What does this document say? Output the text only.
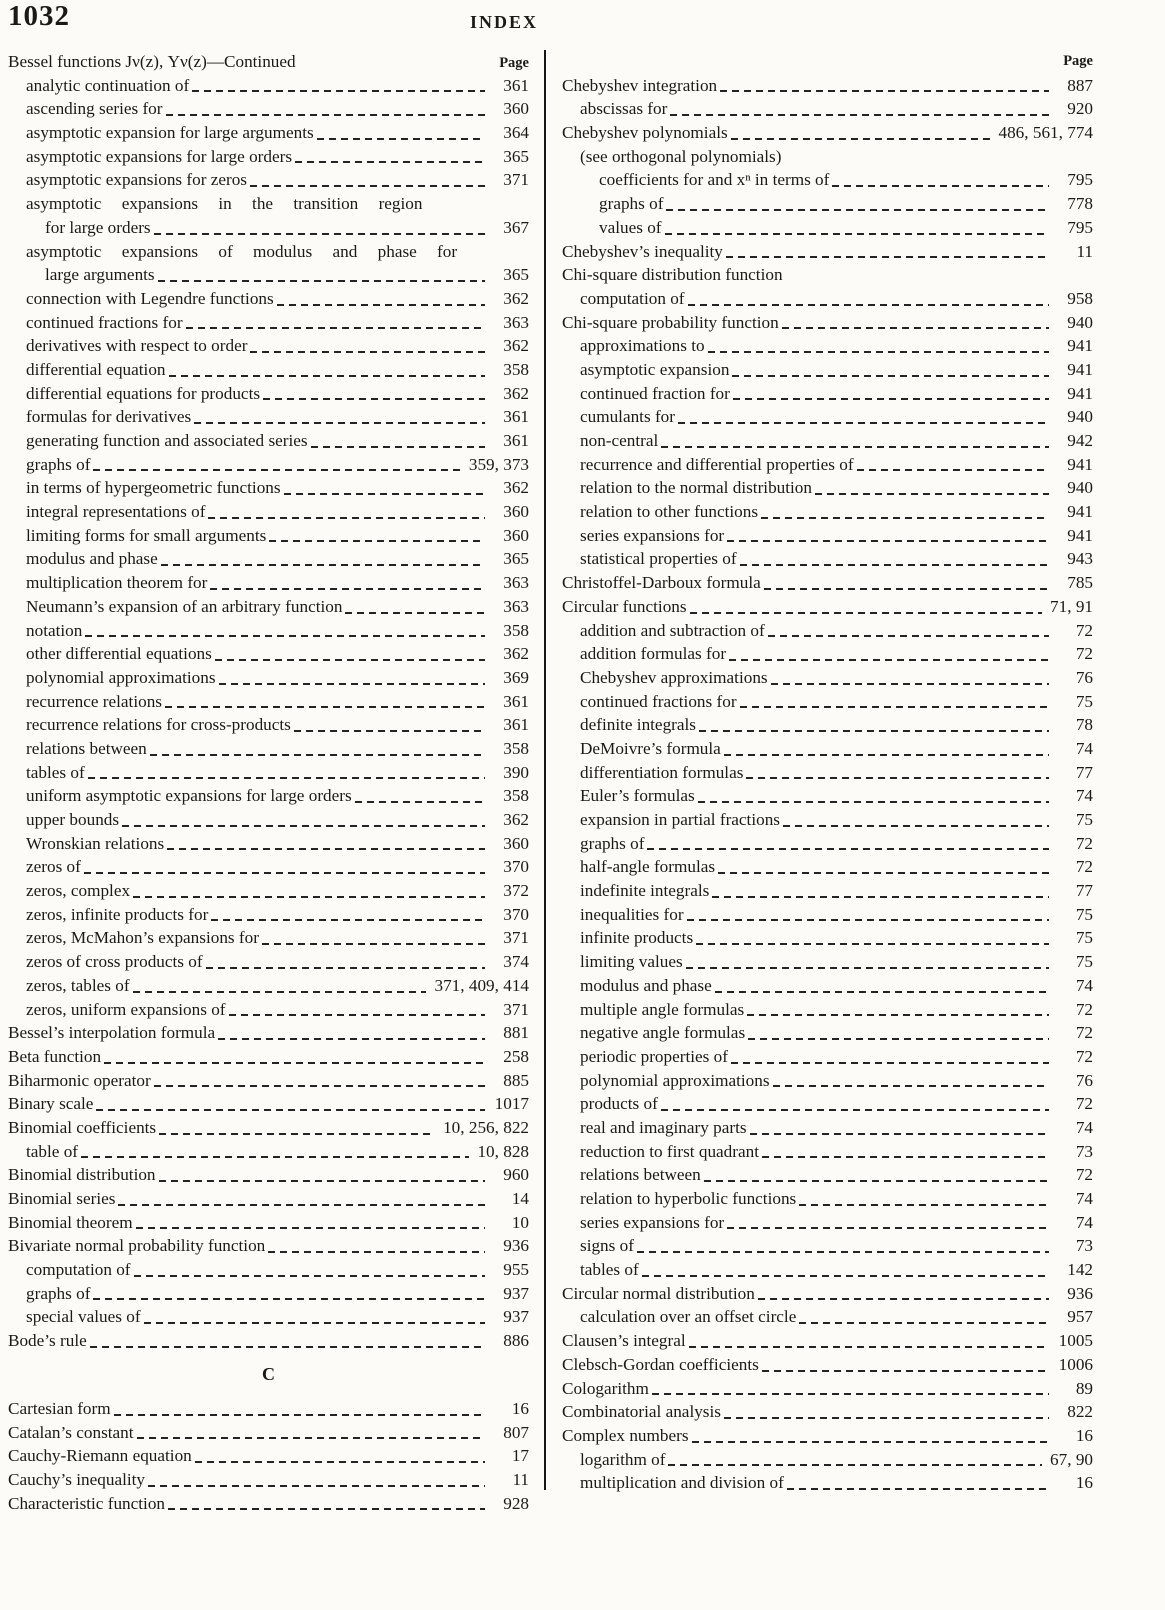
1032	INDEX
Bessel functions Jν(z), Yν(z)—Continued	Page
analytic continuation of	361
ascending series for	360
asymptotic expansion for large arguments	364
asymptotic expansions for large orders	365
asymptotic expansions for zeros	371
asymptotic expansions in the transition region
for large orders	367
asymptotic expansions of modulus and phase for
large arguments	365
connection with Legendre functions	362
continued fractions for	363
derivatives with respect to order	362
differential equation	358
differential equations for products	362
formulas for derivatives	361
generating function and associated series	361
graphs of	359, 373
in terms of hypergeometric functions	362
integral representations of	360
limiting forms for small arguments	360
modulus and phase	365
multiplication theorem for	363
Neumann’s expansion of an arbitrary function	363
notation	358
other differential equations	362
polynomial approximations	369
recurrence relations	361
recurrence relations for cross-products	361
relations between	358
tables of	390
uniform asymptotic expansions for large orders	358
upper bounds	362
Wronskian relations	360
zeros of	370
zeros, complex	372
zeros, infinite products for	370
zeros, McMahon’s expansions for	371
zeros of cross products of	374
zeros, tables of	371, 409, 414
zeros, uniform expansions of	371
Bessel’s interpolation formula	881
Beta function	258
Biharmonic operator	885
Binary scale	1017
Binomial coefficients	10, 256, 822
table of	10, 828
Binomial distribution	960
Binomial series	14
Binomial theorem	10
Bivariate normal probability function	936
computation of	955
graphs of	937
special values of	937
Bode’s rule	886
C
Cartesian form	16
Catalan’s constant	807
Cauchy-Riemann equation	17
Cauchy’s inequality	11
Characteristic function	928
Page
Chebyshev integration	887
abscissas for	920
Chebyshev polynomials	486, 561, 774
(see orthogonal polynomials)
coefficients for and xⁿ in terms of	795
graphs of	778
values of	795
Chebyshev’s inequality	11
Chi-square distribution function
computation of	958
Chi-square probability function	940
approximations to	941
asymptotic expansion	941
continued fraction for	941
cumulants for	940
non-central	942
recurrence and differential properties of	941
relation to the normal distribution	940
relation to other functions	941
series expansions for	941
statistical properties of	943
Christoffel-Darboux formula	785
Circular functions	71, 91
addition and subtraction of	72
addition formulas for	72
Chebyshev approximations	76
continued fractions for	75
definite integrals	78
DeMoivre’s formula	74
differentiation formulas	77
Euler’s formulas	74
expansion in partial fractions	75
graphs of	72
half-angle formulas	72
indefinite integrals	77
inequalities for	75
infinite products	75
limiting values	75
modulus and phase	74
multiple angle formulas	72
negative angle formulas	72
periodic properties of	72
polynomial approximations	76
products of	72
real and imaginary parts	74
reduction to first quadrant	73
relations between	72
relation to hyperbolic functions	74
series expansions for	74
signs of	73
tables of	142
Circular normal distribution	936
calculation over an offset circle	957
Clausen’s integral	1005
Clebsch-Gordan coefficients	1006
Cologarithm	89
Combinatorial analysis	822
Complex numbers	16
logarithm of	67, 90
multiplication and division of	16
